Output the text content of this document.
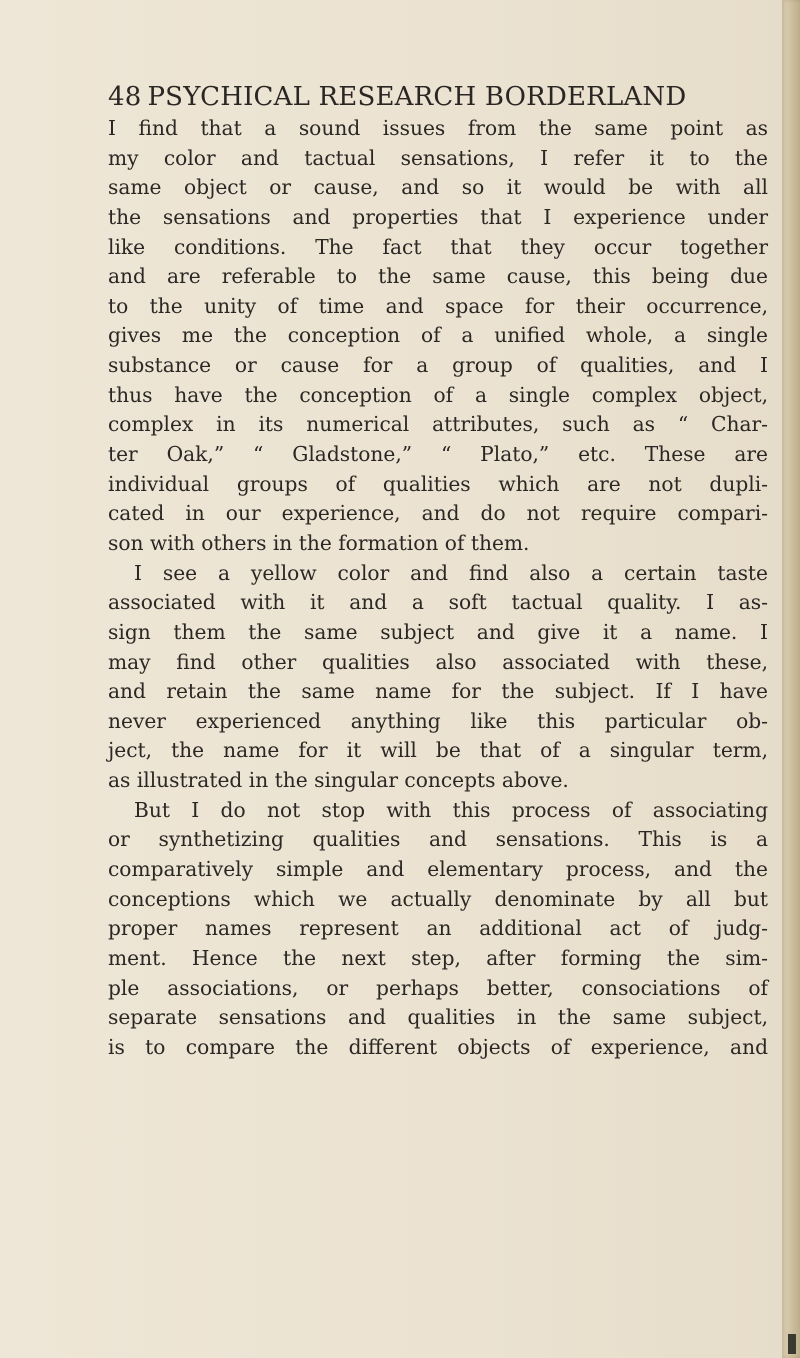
48 PSYCHICAL RESEARCH BORDERLAND
I find that a sound issues from the same point as
my color and tactual sensations, I refer it to the
same object or cause, and so it would be with all
the sensations and properties that I experience under
like conditions. The fact that they occur together
and are referable to the same cause, this being due
to the unity of time and space for their occurrence,
gives me the conception of a unified whole, a single
substance or cause for a group of qualities, and I
thus have the conception of a single complex object,
complex in its numerical attributes, such as “ Char-
ter Oak,” “ Gladstone,” “ Plato,” etc. These are
individual groups of qualities which are not dupli-
cated in our experience, and do not require compari-
son with others in the formation of them.
I see a yellow color and find also a certain taste
associated with it and a soft tactual quality. I as-
sign them the same subject and give it a name. I
may find other qualities also associated with these,
and retain the same name for the subject. If I have
never experienced anything like this particular ob-
ject, the name for it will be that of a singular term,
as illustrated in the singular concepts above.
But I do not stop with this process of associating
or synthetizing qualities and sensations. This is a
comparatively simple and elementary process, and the
conceptions which we actually denominate by all but
proper names represent an additional act of judg-
ment. Hence the next step, after forming the sim-
ple associations, or perhaps better, consociations of
separate sensations and qualities in the same subject,
is to compare the different objects of experience, and
